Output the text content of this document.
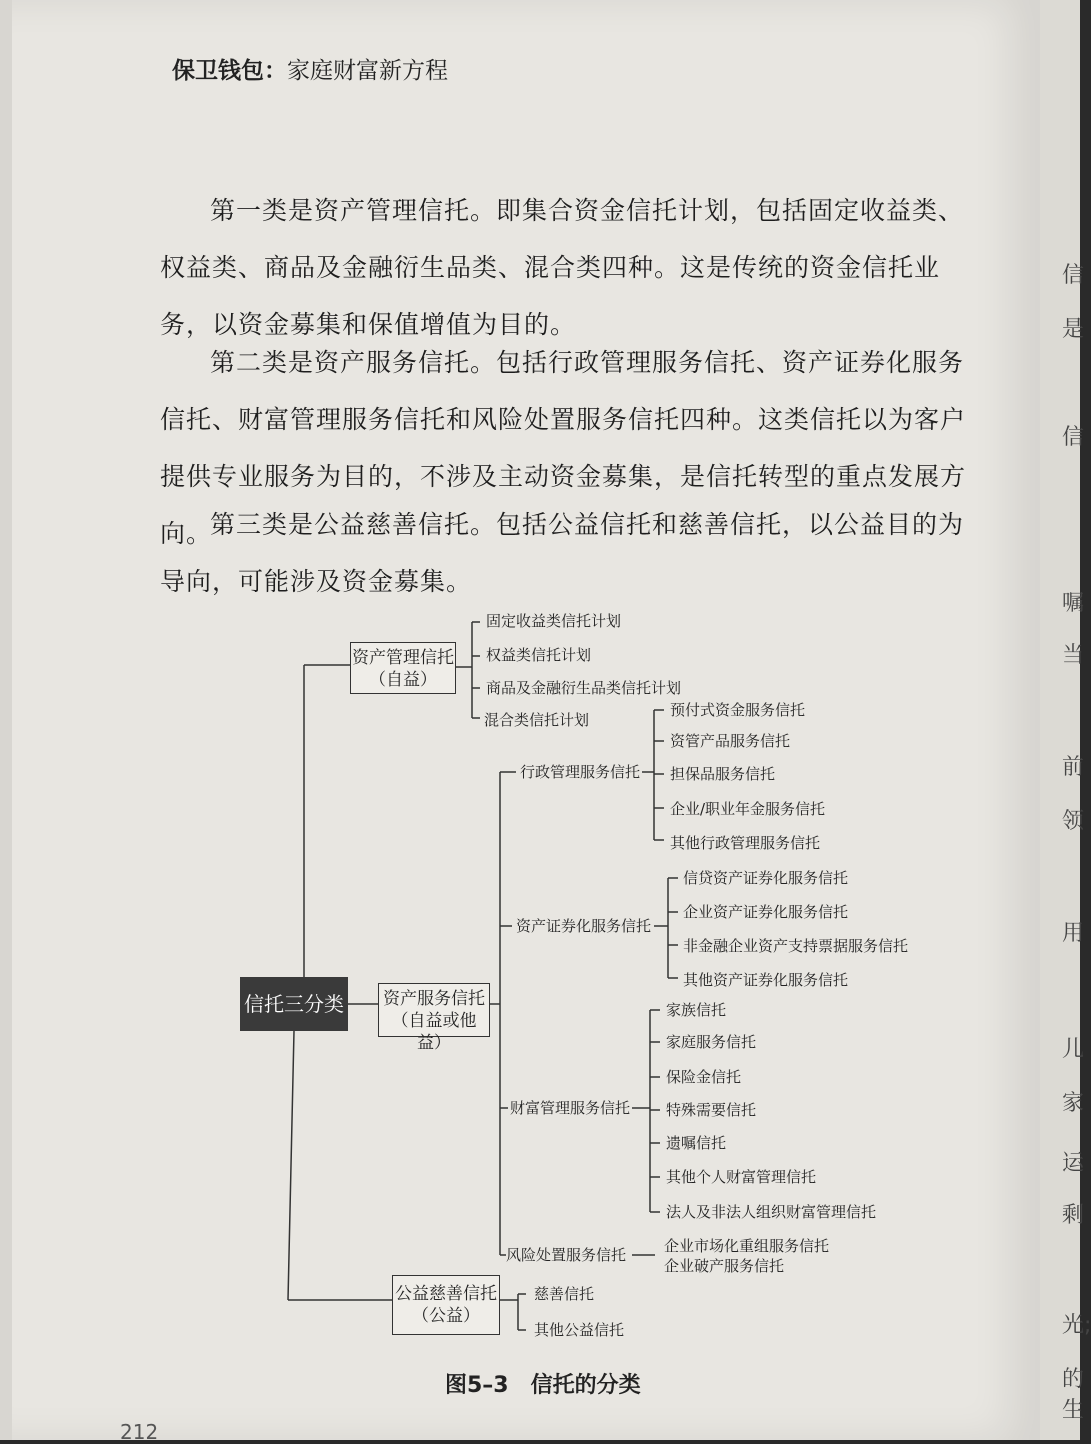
保卫钱包：家庭财富新方程
第一类是资产管理信托。即集合资金信托计划，包括固定收益类、权益类、商品及金融衍生品类、混合类四种。这是传统的资金信托业务，以资金募集和保值增值为目的。
第二类是资产服务信托。包括行政管理服务信托、资产证券化服务信托、财富管理服务信托和风险处置服务信托四种。这类信托以为客户提供专业服务为目的，不涉及主动资金募集，是信托转型的重点发展方向。
第三类是公益慈善信托。包括公益信托和慈善信托，以公益目的为导向，可能涉及资金募集。
信托三分类
资产管理信托
（自益）
固定收益类信托计划
权益类信托计划
商品及金融衍生品类信托计划
混合类信托计划
资产服务信托
（自益或他益）
行政管理服务信托
预付式资金服务信托
资管产品服务信托
担保品服务信托
企业/职业年金服务信托
其他行政管理服务信托
资产证券化服务信托
信贷资产证券化服务信托
企业资产证券化服务信托
非金融企业资产支持票据服务信托
其他资产证券化服务信托
财富管理服务信托
家族信托
家庭服务信托
保险金信托
特殊需要信托
遗嘱信托
其他个人财富管理信托
法人及非法人组织财富管理信托
风险处置服务信托	企业市场化重组服务信托
企业破产服务信托
公益慈善信托
（公益）
慈善信托
其他公益信托
图5–3　信托的分类
212
信
是
信
嘱
当
前
领
用
儿
家
运
剩
光;
的生
